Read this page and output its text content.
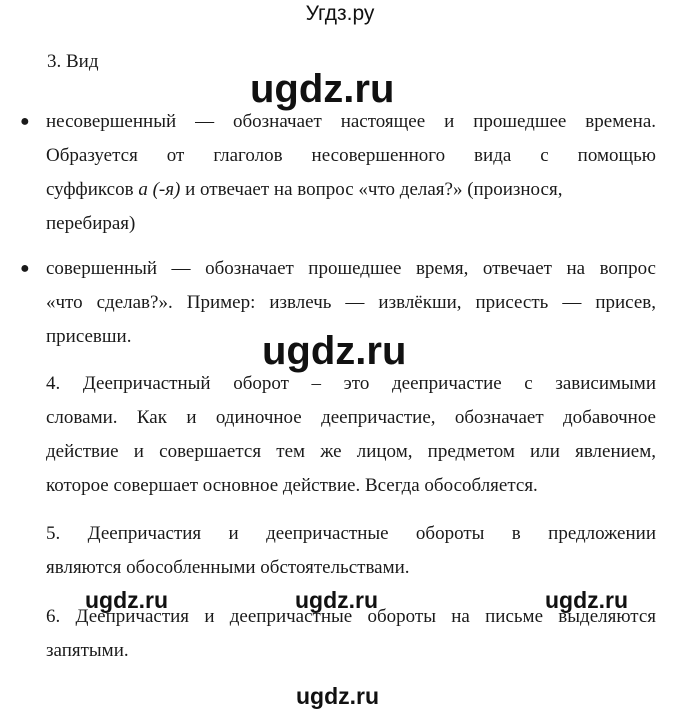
Угдз.ру
3. Вид
ugdz.ru
● несовершенный — обозначает настоящее и прошедшее времена.
Образуется от глаголов несовершенного вида с помощью
суффиксов а (-я) и отвечает на вопрос «что делая?» (произнося,
перебирая)
● совершенный — обозначает прошедшее время, отвечает на вопрос
«что сделав?». Пример: извлечь — извлёкши, присесть — присев,
присевши.	ugdz.ru
4. Деепричастный оборот – это деепричастие с зависимыми
словами. Как и одиночное деепричастие, обозначает добавочное
действие и совершается тем же лицом, предметом или явлением,
которое совершает основное действие. Всегда обособляется.
5. Деепричастия и деепричастные обороты в предложении
являются обособленными обстоятельствами.
ugdz.ru	ugdz.ru	ugdz.ru
6. Деепричастия и деепричастные обороты на письме выделяются
запятыми.
ugdz.ru
